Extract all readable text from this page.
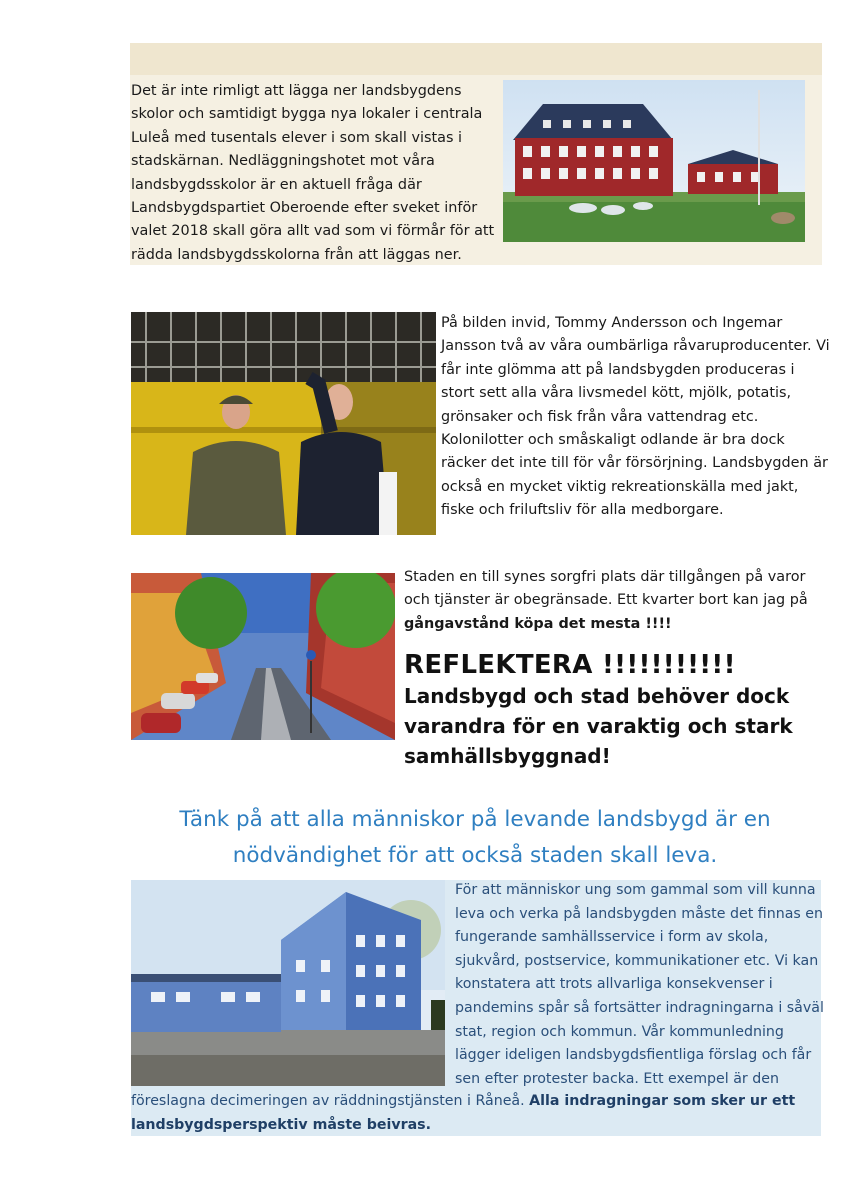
Det är inte rimligt att lägga ner landsbygdens skolor och samtidigt bygga nya lokaler i centrala Luleå med tusentals elever i som skall vistas i stadskärnan. Nedläggningshotet mot våra landsbygdsskolor är en aktuell fråga där Landsbygdspartiet Oberoende efter sveket inför valet 2018 skall göra allt vad som vi förmår för att rädda landsbygdsskolorna från att läggas ner.
På bilden invid, Tommy Andersson och Ingemar Jansson två av våra oumbärliga råvaruproducenter. Vi får inte glömma att på landsbygden produceras i stort sett alla våra livsmedel kött, mjölk, potatis, grönsaker och fisk från våra vattendrag etc. Kolonilotter och småskaligt odlande är bra dock räcker det inte till för vår försörjning. Landsbygden är också en mycket viktig rekreationskälla med jakt, fiske och friluftsliv för alla medborgare.
Staden en till synes sorgfri plats där tillgången på varor och tjänster är obegränsade. Ett kvarter bort kan jag på gångavstånd köpa det mesta !!!!
REFLEKTERA !!!!!!!!!!! Landsbygd och stad behöver dock varandra för en varaktig och stark samhällsbyggnad!
Tänk på att alla människor på levande landsbygd är en
nödvändighet för att också staden skall leva.
För att människor ung som gammal som vill kunna leva och verka på landsbygden måste det finnas en fungerande samhällsservice i form av skola, sjukvård, postservice, kommunikationer etc. Vi kan konstatera att trots allvarliga konsekvenser i pandemins spår så fortsätter indragningarna i såväl stat, region och kommun. Vår kommunledning lägger ideligen landsbygdsfientliga förslag och får sen efter protester backa. Ett exempel är den
föreslagna decimeringen av räddningstjänsten i Råneå. Alla indragningar som sker ur ett landsbygdsperspektiv måste beivras.
